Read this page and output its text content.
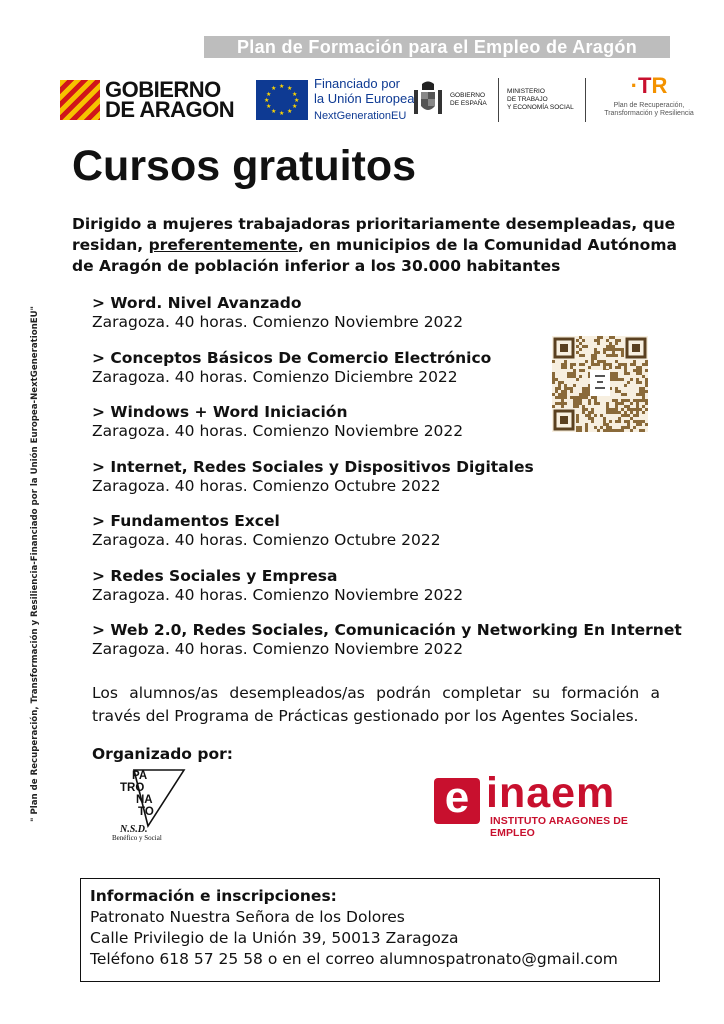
Plan de Formación para el Empleo de Aragón
GOBIERNO
DE ARAGON
★ ★
★
★
★
★
★
★
★
★
★
★	Financiado por
la Unión Europea
NextGenerationEU
GOBIERNO
DE ESPAÑA
MINISTERIO
DE TRABAJO
Y ECONOMÍA SOCIAL
·TR
Plan de Recuperación,
Transformación y Resiliencia
Cursos gratuitos

Dirigido a mujeres trabajadoras prioritariamente desempleadas, que residan, preferentemente, en municipios de la Comunidad Autónoma de Aragón de población inferior a los 30.000 habitantes

" Plan de Recuperación, Transformación y Resiliencia-Financiado por la Unión Europea-NextGenerationEU"
> Word. Nivel Avanzado
Zaragoza. 40 horas. Comienzo Noviembre 2022
> Conceptos Básicos De Comercio Electrónico
Zaragoza. 40 horas. Comienzo Diciembre 2022
> Windows + Word Iniciación
Zaragoza. 40 horas. Comienzo Noviembre 2022
> Internet, Redes Sociales y Dispositivos Digitales
Zaragoza. 40 horas. Comienzo Octubre 2022
> Fundamentos Excel
Zaragoza. 40 horas. Comienzo Octubre 2022
> Redes Sociales y Empresa
Zaragoza. 40 horas. Comienzo Noviembre 2022
> Web 2.0, Redes Sociales, Comunicación y Networking En Internet
Zaragoza. 40 horas. Comienzo Noviembre 2022

Los alumnos/as desempleados/as podrán completar su formación a través del Programa de Prácticas gestionado por los Agentes Sociales.

Organizado por:
PA
TRO
NA
TO
N.S.D.
Benéfico y Social
e inaem
INSTITUTO ARAGONES DE EMPLEO
Información e inscripciones:
Patronato Nuestra Señora de los Dolores
Calle Privilegio de la Unión 39, 50013 Zaragoza
Teléfono 618 57 25 58 o en el correo alumnospatronato@gmail.com
